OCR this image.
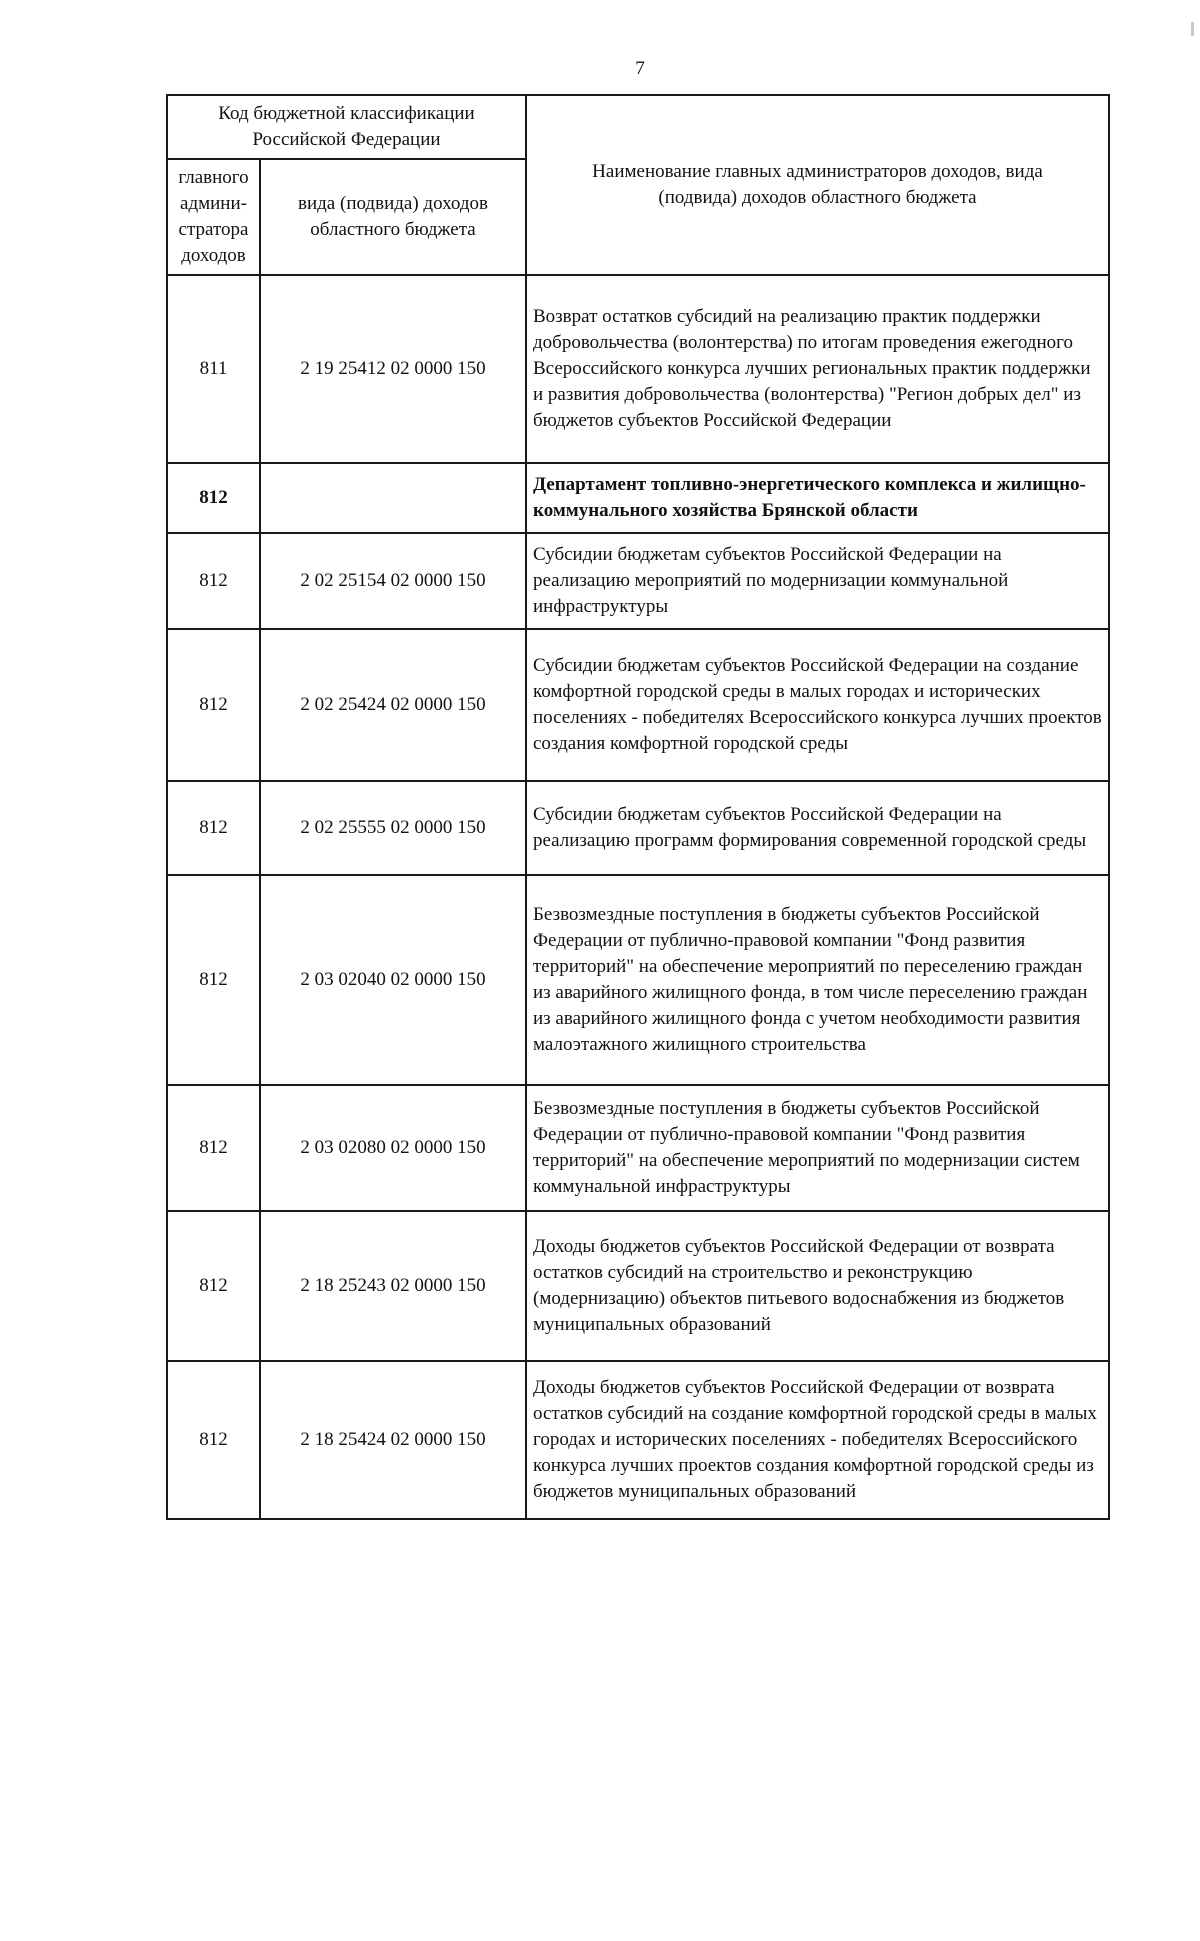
7
Код бюджетной классификации
Российской Федерации		Наименование главных администраторов доходов, вида
(подвида) доходов областного бюджета

главного
админи-
стратора
доходов	вида (подвида) доходов
областного бюджета	

811	2 19 25412 02 0000 150	Возврат остатков субсидий на реализацию практик поддержки добровольчества (волонтерства) по итогам проведения ежегодного Всероссийского конкурса лучших региональных практик поддержки и развития добровольчества (волонтерства) "Регион добрых дел" из бюджетов субъектов Российской Федерации
812		Департамент топливно-энергетического комплекса и жилищно-коммунального хозяйства Брянской области
812	2 02 25154 02 0000 150	Субсидии бюджетам субъектов Российской Федерации на реализацию мероприятий по модернизации коммунальной инфраструктуры
812	2 02 25424 02 0000 150	Субсидии бюджетам субъектов Российской Федерации на создание комфортной городской среды в малых городах и исторических поселениях - победителях Всероссийского конкурса лучших проектов создания комфортной городской среды
812	2 02 25555 02 0000 150	Субсидии бюджетам субъектов Российской Федерации на реализацию программ формирования современной городской среды
812	2 03 02040 02 0000 150	Безвозмездные поступления в бюджеты субъектов Российской Федерации от публично-правовой компании "Фонд развития территорий" на обеспечение мероприятий по переселению граждан из аварийного жилищного фонда, в том числе переселению граждан из аварийного жилищного фонда с учетом необходимости развития малоэтажного жилищного строительства
812	2 03 02080 02 0000 150	Безвозмездные поступления в бюджеты субъектов Российской Федерации от публично-правовой компании "Фонд развития территорий" на обеспечение мероприятий по модернизации систем коммунальной инфраструктуры
812	2 18 25243 02 0000 150	Доходы бюджетов субъектов Российской Федерации от возврата остатков субсидий на строительство и реконструкцию (модернизацию) объектов питьевого водоснабжения из бюджетов муниципальных образований
812	2 18 25424 02 0000 150	Доходы бюджетов субъектов Российской Федерации от возврата остатков субсидий на создание комфортной городской среды в малых городах и исторических поселениях - победителях Всероссийского конкурса лучших проектов создания комфортной городской среды из бюджетов муниципальных образований
